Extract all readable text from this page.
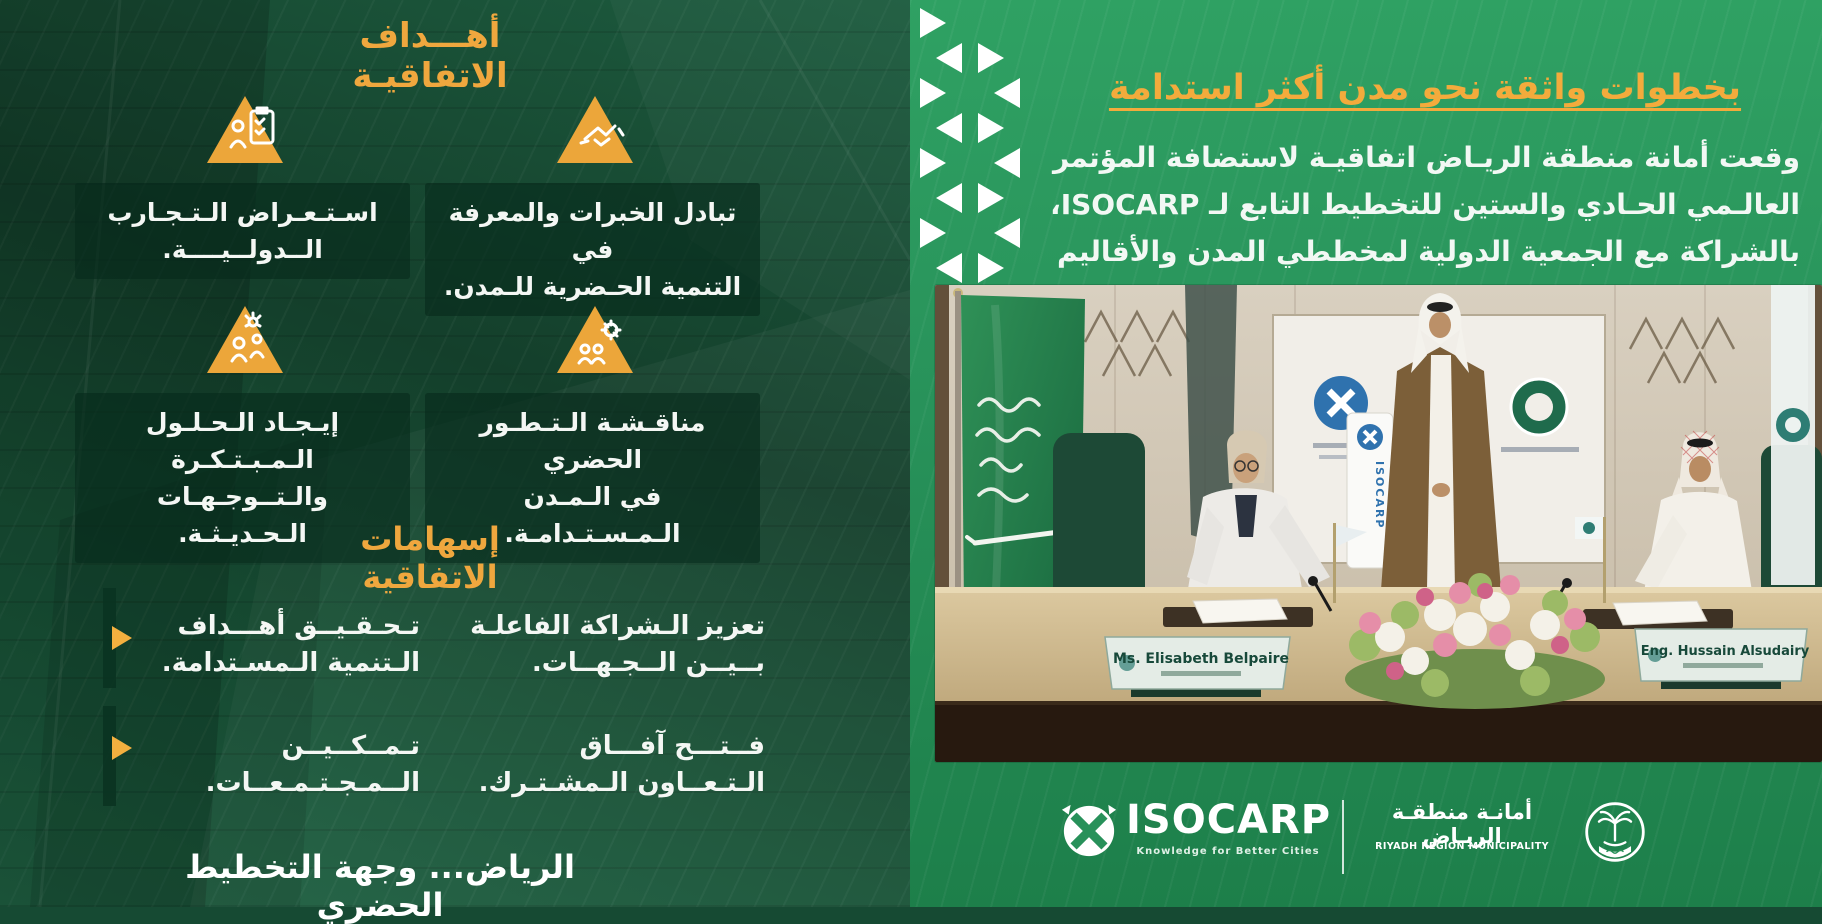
أهـــداف الاتفاقيـة
تبادل الخبرات والمعرفة في
التنمية الحـضرية للـمدن.
اسـتـعـراض الـتـجـارب
الــدولــيــــة.
مناقـشـة الـتـطـور الحضري
في الـمـدن الـمـسـتـدامـة.
إيـجـاد الـحـلـول الـمـبـتـكـرة
والـتــوجـهـات الـحـديـثـة.	إسهامات الاتفاقية
تعزيز الـشراكة الفاعلـة
بــيــن الــجـهــات.
تـحـقـيــق أهـــداف
الـتنمية الـمسـتدامة.
فــتـــح آفـــاق
الـتـعــاون الـمشـتـرك.
تـمــكــيــن
الــمـجـتـمـعــات.
الرياض... وجهة التخطيط الحضري
بخطوات واثقة نحو مدن أكثر استدامة
وقعت أمانة منطقة الريـاض اتفاقيـة لاستضافة المؤتمر
العالـمي الحـادي والستين للتخطيط التابع لـ ISOCARP،
بالشراكة مع الجمعية الدولية لمخططي المدن والأقاليم
ISOCARP
Ms. Elisabeth Belpaire	Eng. Hussain Alsudairy
ISOCARP
Knowledge for Better Cities
أمانـة منطقـة الريـاض
RIYADH REGION MUNICIPALITY
